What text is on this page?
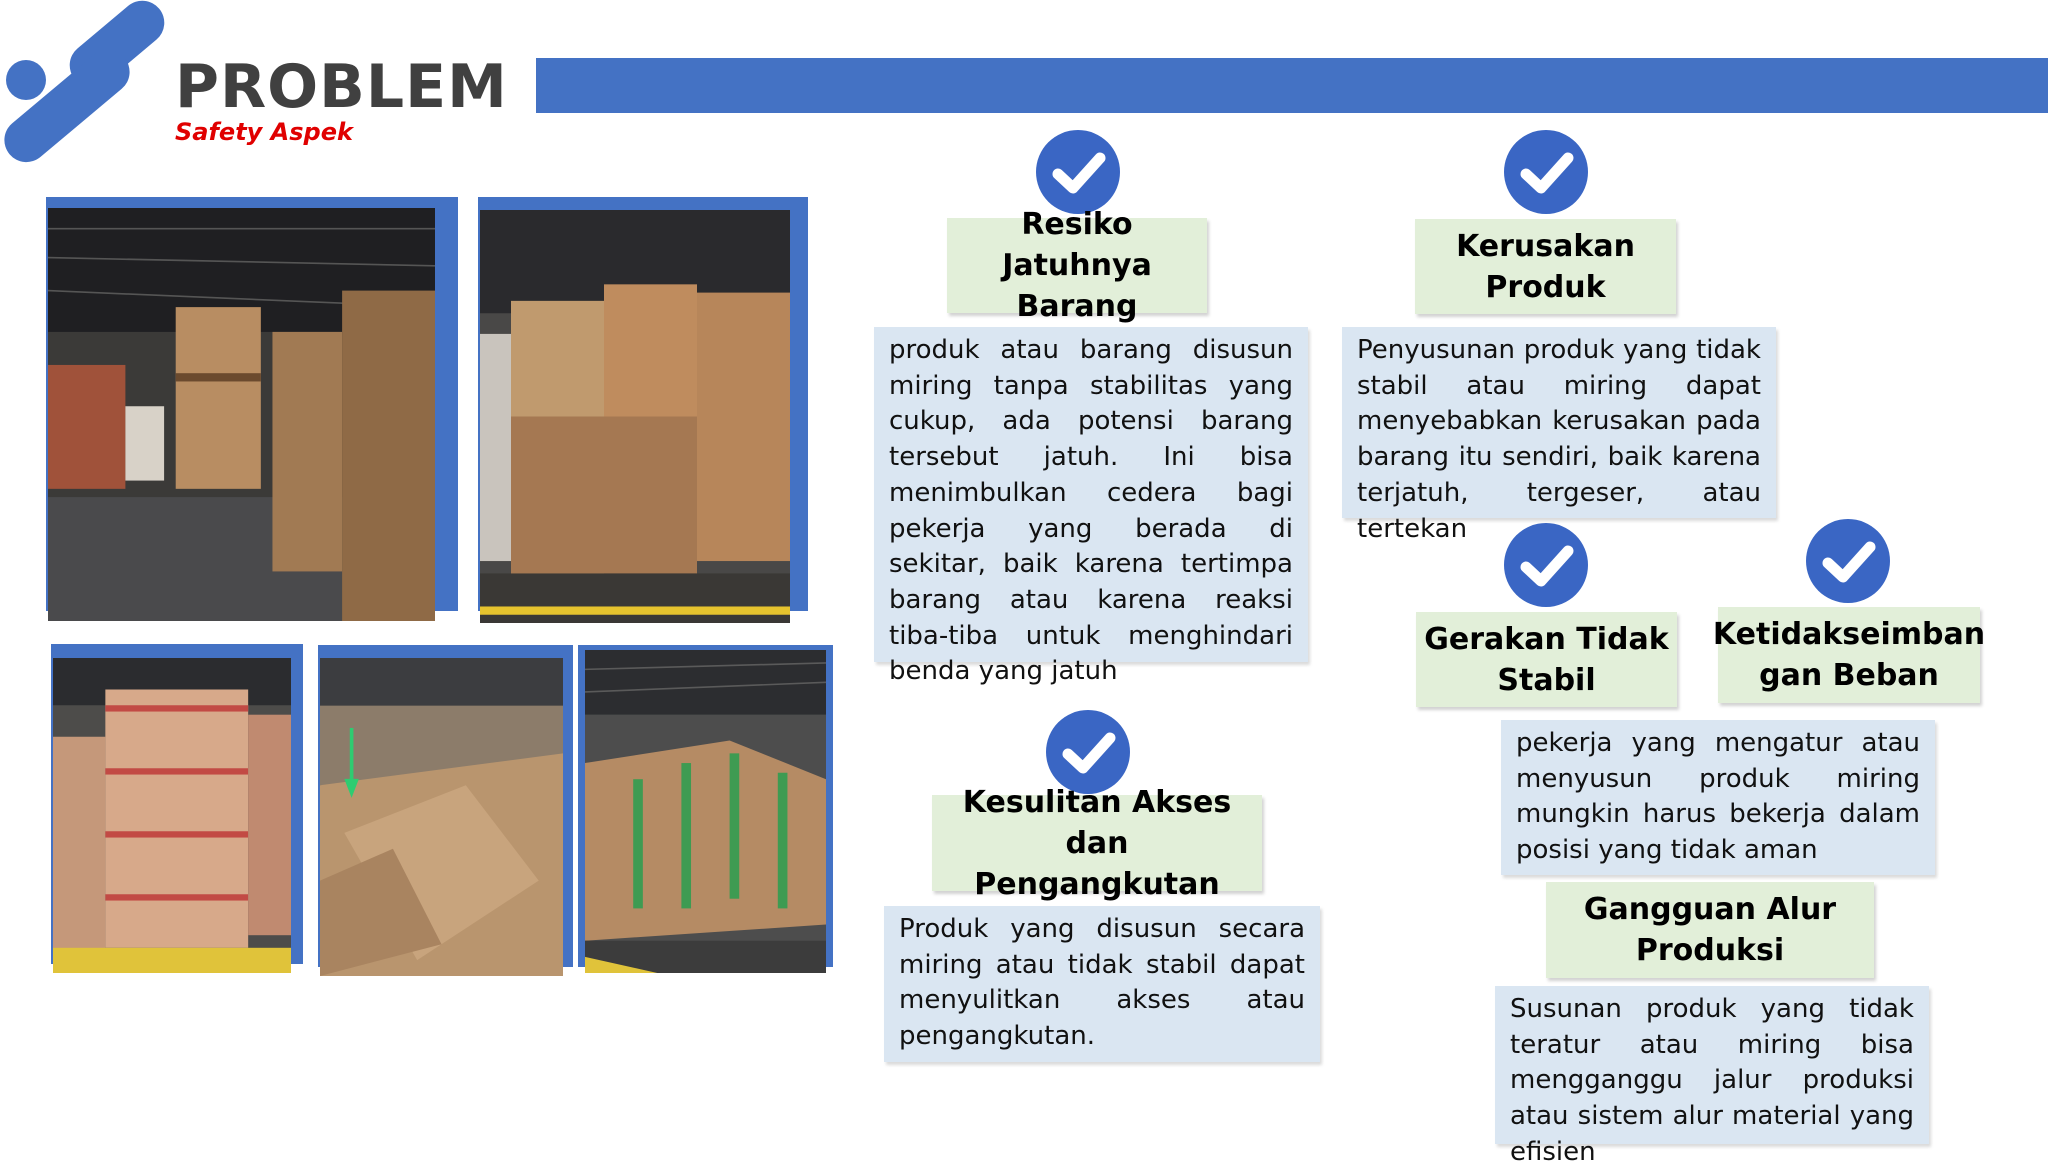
PROBLEM
Safety Aspek
Resiko Jatuhnya
Barang
produk atau barang disusun miring tanpa stabilitas yang cukup, ada potensi barang tersebut jatuh. Ini bisa menimbulkan cedera bagi pekerja yang berada di sekitar, baik karena tertimpa barang atau karena reaksi tiba-tiba untuk menghindari benda yang jatuh
Kerusakan
Produk
Penyusunan produk yang tidak stabil atau miring dapat menyebabkan kerusakan pada barang itu sendiri, baik karena terjatuh, tergeser, atau tertekan
Gerakan Tidak
Stabil
Ketidakseimban
gan Beban
pekerja yang mengatur atau menyusun produk miring mungkin harus bekerja dalam posisi yang tidak aman
Kesulitan Akses dan
Pengangkutan
Produk yang disusun secara miring atau tidak stabil dapat menyulitkan akses atau pengangkutan.
Gangguan Alur
Produksi
Susunan produk yang tidak teratur atau miring bisa mengganggu jalur produksi atau sistem alur material yang efisien
